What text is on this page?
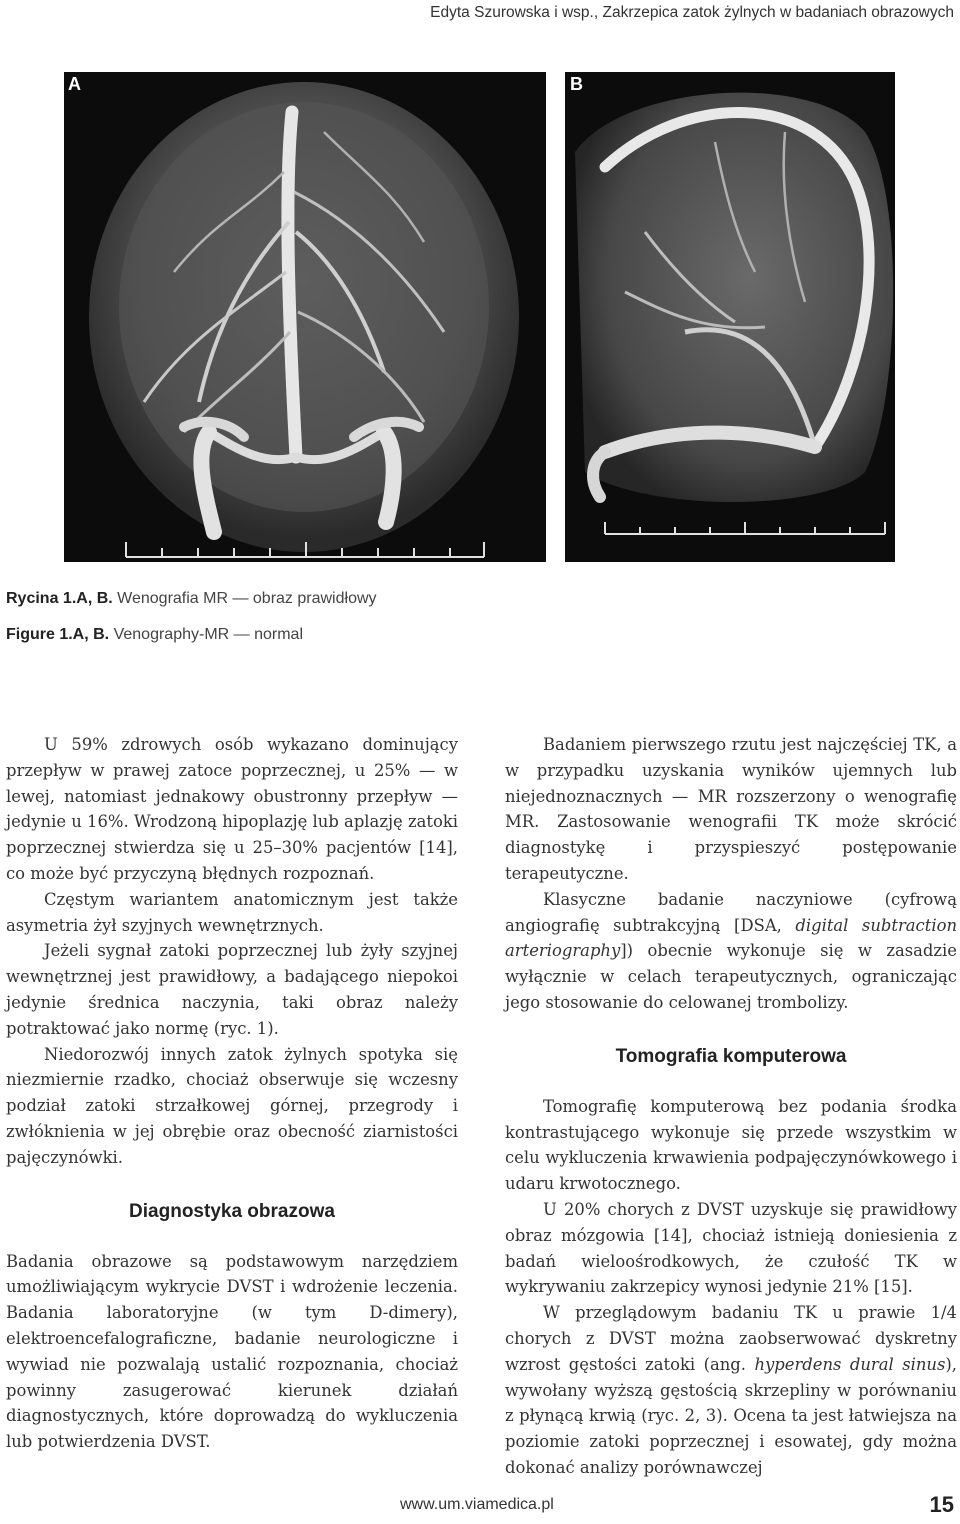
Edyta Szurowska i wsp., Zakrzepica zatok żylnych w badaniach obrazowych
A	B
Rycina 1.A, B. Wenografia MR — obraz prawidłowy
Figure 1.A, B. Venography-MR — normal

U 59% zdrowych osób wykazano dominujący przepływ w prawej zatoce poprzecznej, u 25% — w lewej, natomiast jednakowy obustronny przepływ — jedynie u 16%. Wrodzoną hipoplazję lub aplazję zatoki poprzecznej stwierdza się u 25–30% pacjentów [14], co może być przyczyną błędnych rozpoznań.

Częstym wariantem anatomicznym jest także asymetria żył szyjnych wewnętrznych.

Jeżeli sygnał zatoki poprzecznej lub żyły szyjnej wewnętrznej jest prawidłowy, a badającego niepokoi jedynie średnica naczynia, taki obraz należy potraktować jako normę (ryc. 1).

Niedorozwój innych zatok żylnych spotyka się niezmiernie rzadko, chociaż obserwuje się wczesny podział zatoki strzałkowej górnej, przegrody i zwłóknienia w jej obrębie oraz obecność ziarnistości pajęczynówki.

Diagnostyka obrazowa

Badania obrazowe są podstawowym narzędziem umożliwiającym wykrycie DVST i wdrożenie leczenia. Badania laboratoryjne (w tym D-dimery), elektroencefalograficzne, badanie neurologiczne i wywiad nie pozwalają ustalić rozpoznania, chociaż powinny zasugerować kierunek działań diagnostycznych, które doprowadzą do wykluczenia lub potwierdzenia DVST.

Badaniem pierwszego rzutu jest najczęściej TK, a w przypadku uzyskania wyników ujemnych lub niejednoznacznych — MR rozszerzony o wenografię MR. Zastosowanie wenografii TK może skrócić diagnostykę i przyspieszyć postępowanie terapeutyczne.

Klasyczne badanie naczyniowe (cyfrową angiografię subtrakcyjną [DSA, digital subtraction arteriography]) obecnie wykonuje się w zasadzie wyłącznie w celach terapeutycznych, ograniczając jego stosowanie do celowanej trombolizy.

Tomografia komputerowa

Tomografię komputerową bez podania środka kontrastującego wykonuje się przede wszystkim w celu wykluczenia krwawienia podpajęczynówkowego i udaru krwotocznego.

U 20% chorych z DVST uzyskuje się prawidłowy obraz mózgowia [14], chociaż istnieją doniesienia z badań wieloośrodkowych, że czułość TK w wykrywaniu zakrzepicy wynosi jedynie 21% [15].

W przeglądowym badaniu TK u prawie 1/4 chorych z DVST można zaobserwować dyskretny wzrost gęstości zatoki (ang. hyperdens dural sinus), wywołany wyższą gęstością skrzepliny w porównaniu z płynącą krwią (ryc. 2, 3). Ocena ta jest łatwiejsza na poziomie zatoki poprzecznej i esowatej, gdy można dokonać analizy porównawczej

www.um.viamedica.pl	15
